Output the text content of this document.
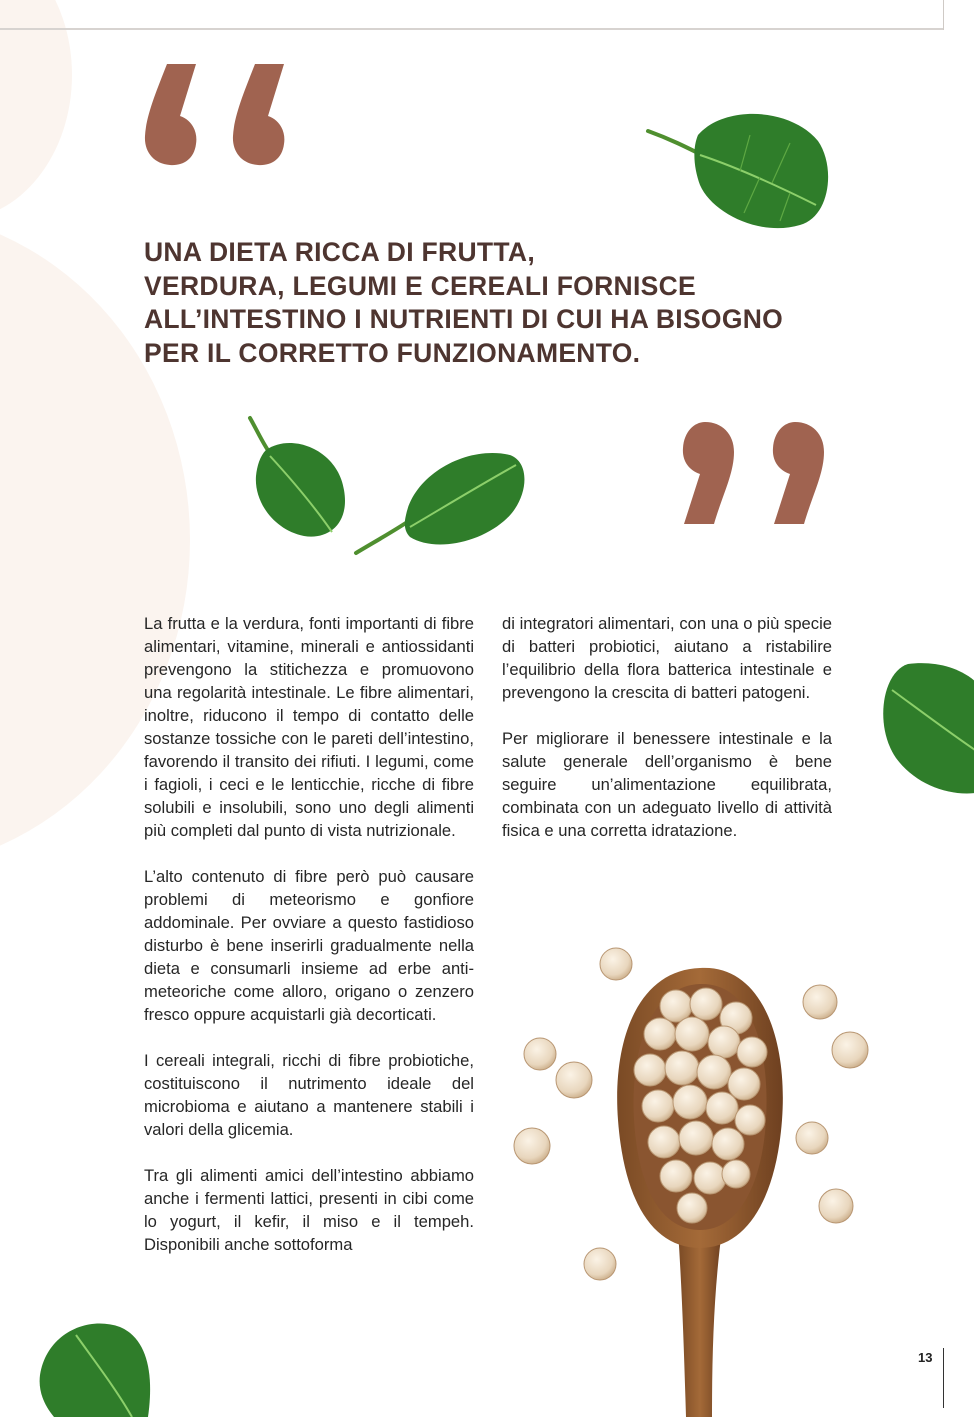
UNA DIETA RICCA DI FRUTTA,
VERDURA, LEGUMI E CEREALI FORNISCE
ALL’INTESTINO I NUTRIENTI DI CUI HA BISOGNO
PER IL CORRETTO FUNZIONAMENTO.

La frutta e la verdura, fonti importanti di fibre alimentari, vitamine, minerali e antiossidanti prevengono la stitichezza e promuovono una regolarità intestinale. Le fibre alimentari, inoltre, riducono il tempo di contatto delle sostanze tossiche con le pareti dell’intestino, favorendo il transito dei rifiuti. I legumi, come i fagioli, i ceci e le lenticchie, ricche di fibre solubili e insolubili, sono uno degli alimenti più completi dal punto di vista nutrizionale.

L’alto contenuto di fibre però può causare problemi di meteorismo e gonfiore addominale. Per ovviare a questo fastidioso disturbo è bene inserirli gradualmente nella dieta e consumarli insieme ad erbe anti-meteoriche come alloro, origano o zenzero fresco oppure acquistarli già decorticati.

I cereali integrali, ricchi di fibre probiotiche, costituiscono il nutrimento ideale del microbioma e aiutano a mantenere stabili i valori della glicemia.

Tra gli alimenti amici dell’intestino abbiamo anche i fermenti lattici, presenti in cibi come lo yogurt, il kefir, il miso e il tempeh. Disponibili anche sottoforma

di integratori alimentari, con una o più specie di batteri probiotici, aiutano a ristabilire l’equilibrio della flora batterica intestinale e prevengono la crescita di batteri patogeni.

Per migliorare il benessere intestinale e la salute generale dell’organismo è bene seguire un’alimentazione equilibrata, combinata con un adeguato livello di attività fisica e una corretta idratazione.

13
